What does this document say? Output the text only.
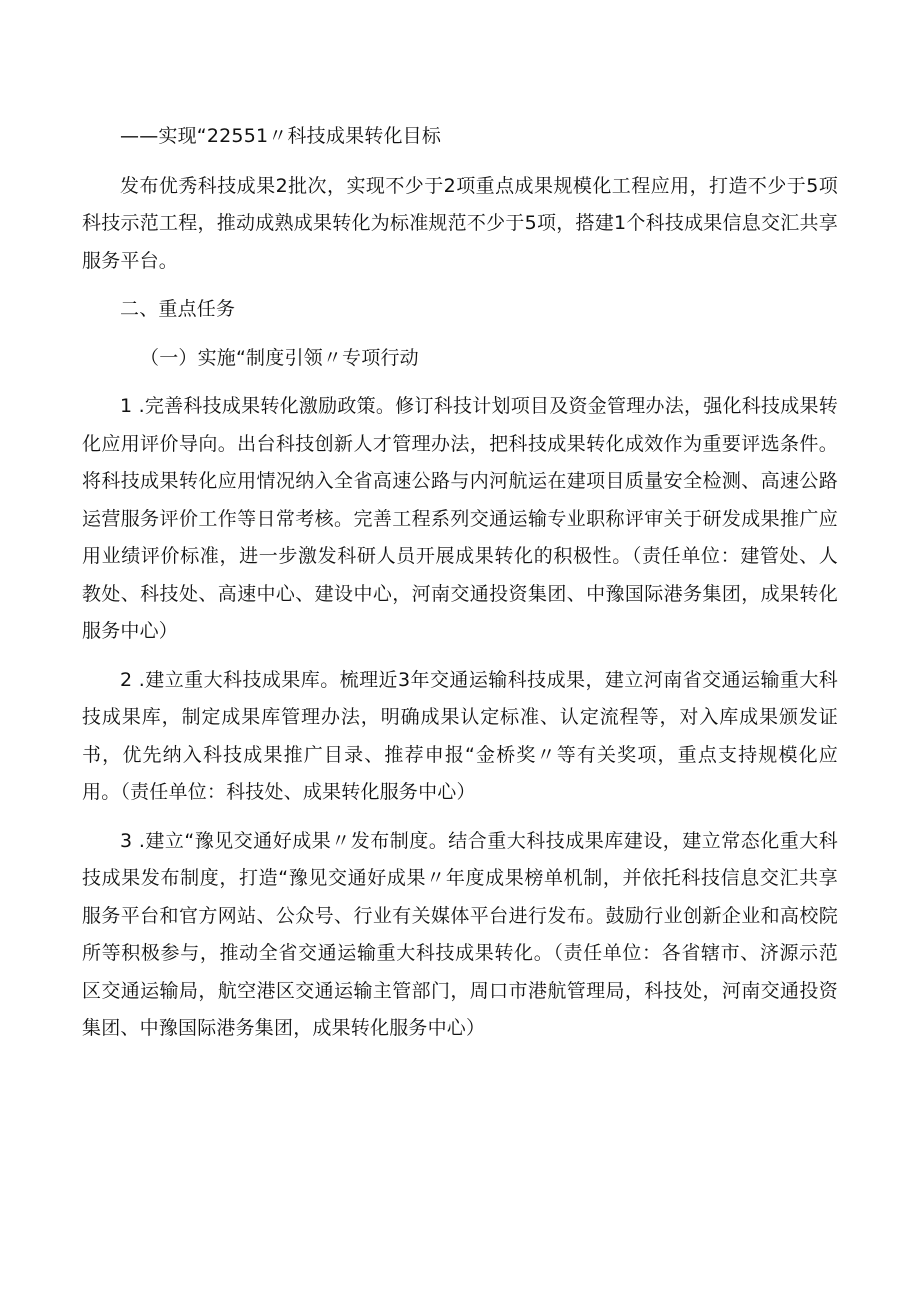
——实现“22551〃科技成果转化目标

发布优秀科技成果2批次，实现不少于2项重点成果规模化工程应用，打造不少于5项科技示范工程，推动成熟成果转化为标准规范不少于5项，搭建1个科技成果信息交汇共享服务平台。

二、重点任务

（一）实施“制度引领〃专项行动

1 .完善科技成果转化激励政策。修订科技计划项目及资金管理办法，强化科技成果转化应用评价导向。出台科技创新人才管理办法，把科技成果转化成效作为重要评选条件。将科技成果转化应用情况纳入全省高速公路与内河航运在建项目质量安全检测、高速公路运营服务评价工作等日常考核。完善工程系列交通运输专业职称评审关于研发成果推广应用业绩评价标准，进一步激发科研人员开展成果转化的积极性。（责任单位：建管处、人教处、科技处、高速中心、建设中心，河南交通投资集团、中豫国际港务集团，成果转化服务中心）

2 .建立重大科技成果库。梳理近3年交通运输科技成果，建立河南省交通运输重大科技成果库，制定成果库管理办法，明确成果认定标准、认定流程等，对入库成果颁发证书，优先纳入科技成果推广目录、推荐申报“金桥奖〃等有关奖项，重点支持规模化应用。（责任单位：科技处、成果转化服务中心）

3 .建立“豫见交通好成果〃发布制度。结合重大科技成果库建设，建立常态化重大科技成果发布制度，打造“豫见交通好成果〃年度成果榜单机制，并依托科技信息交汇共享服务平台和官方网站、公众号、行业有关媒体平台进行发布。鼓励行业创新企业和高校院所等积极参与，推动全省交通运输重大科技成果转化。（责任单位：各省辖市、济源示范区交通运输局，航空港区交通运输主管部门，周口市港航管理局，科技处，河南交通投资集团、中豫国际港务集团，成果转化服务中心）
